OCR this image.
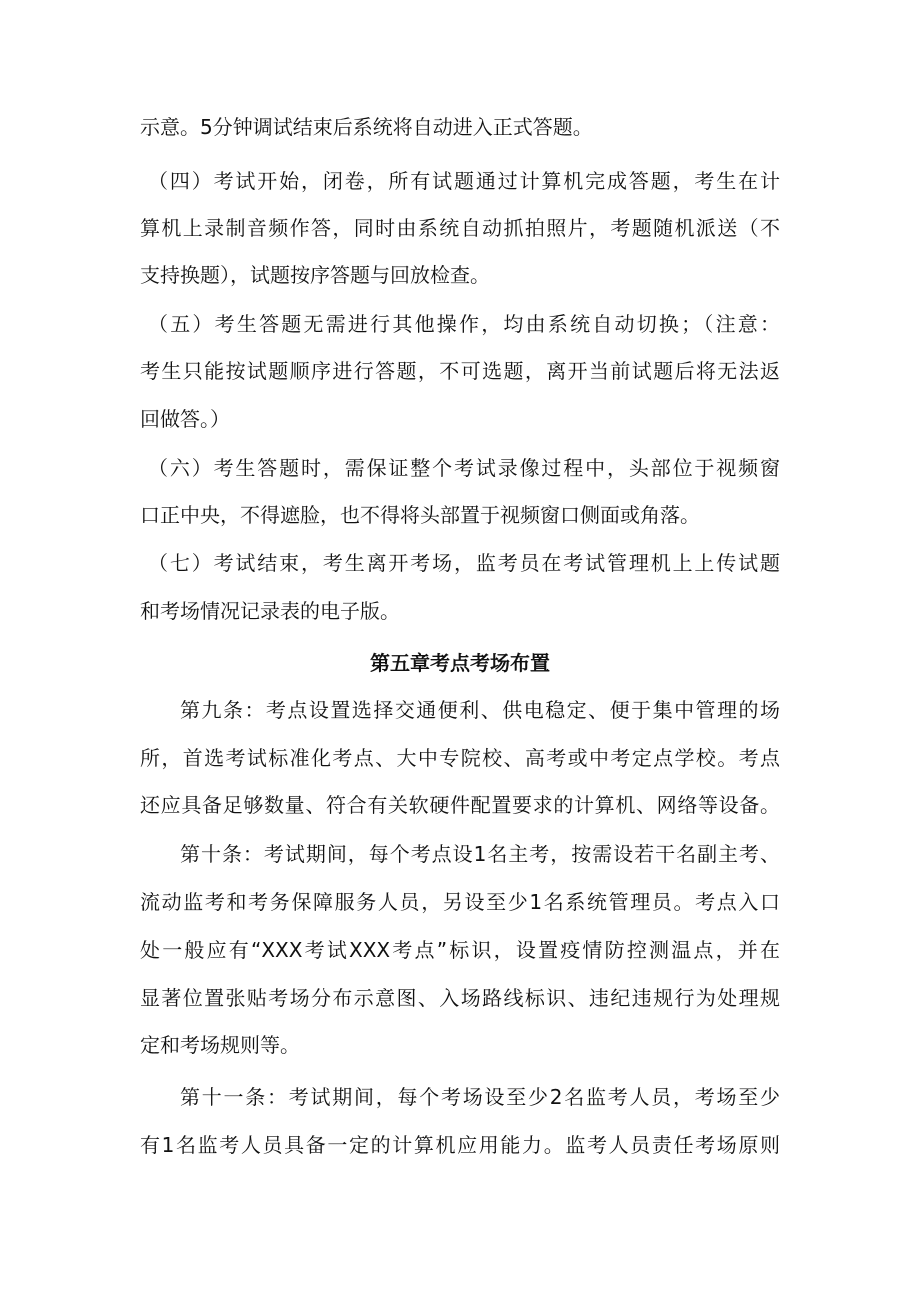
示意。5分钟调试结束后系统将自动进入正式答题。
（四）考试开始，闭卷，所有试题通过计算机完成答题，考生在计
算机上录制音频作答，同时由系统自动抓拍照片，考题随机派送（不
支持换题），试题按序答题与回放检查。
（五）考生答题无需进行其他操作，均由系统自动切换；（注意：
考生只能按试题顺序进行答题，不可选题，离开当前试题后将无法返
回做答。）
（六）考生答题时，需保证整个考试录像过程中，头部位于视频窗
口正中央，不得遮脸，也不得将头部置于视频窗口侧面或角落。
（七）考试结束，考生离开考场，监考员在考试管理机上上传试题
和考场情况记录表的电子版。
第五章考点考场布置
第九条：考点设置选择交通便利、供电稳定、便于集中管理的场
所，首选考试标准化考点、大中专院校、高考或中考定点学校。考点
还应具备足够数量、符合有关软硬件配置要求的计算机、网络等设备。
第十条：考试期间，每个考点设1名主考，按需设若干名副主考、
流动监考和考务保障服务人员，另设至少1名系统管理员。考点入口
处一般应有“XXX考试XXX考点”标识，设置疫情防控测温点，并在
显著位置张贴考场分布示意图、入场路线标识、违纪违规行为处理规
定和考场规则等。
第十一条：考试期间，每个考场设至少2名监考人员，考场至少
有1名监考人员具备一定的计算机应用能力。监考人员责任考场原则
